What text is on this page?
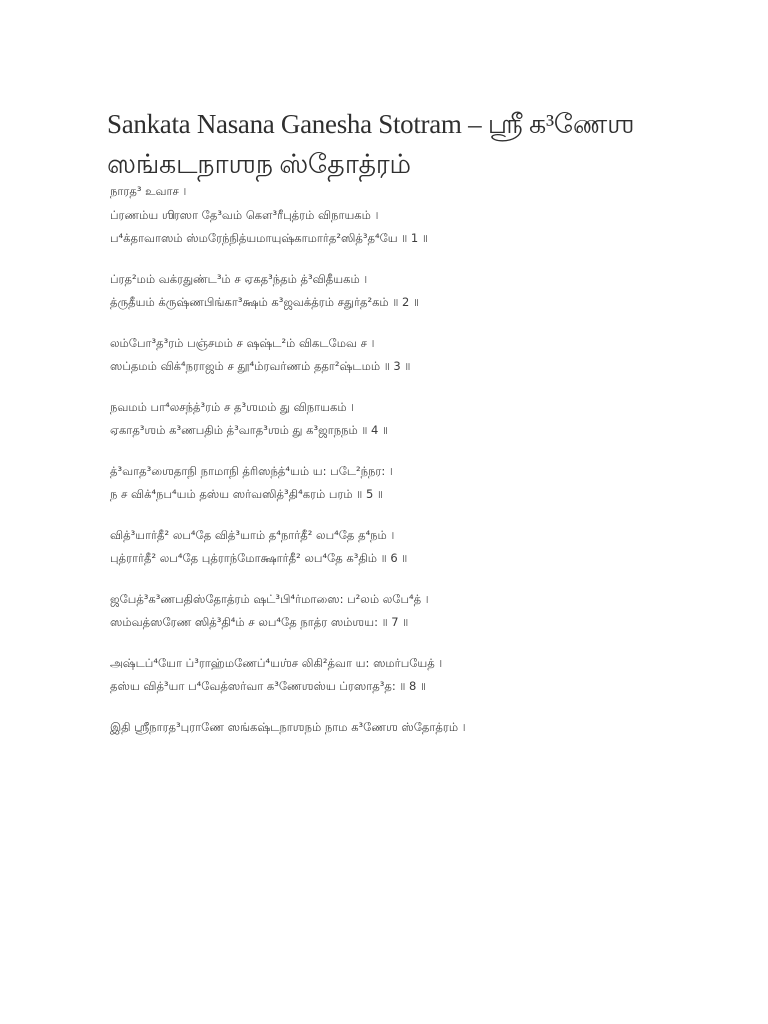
Sankata Nasana Ganesha Stotram – ஶ்ரீ க³ணேஶ
ஸங்கடநாஶந ஸ்தோத்ரம்

நாரத³ உவாச ।
ப்ரணம்ய ஶிரஸா தே³வம் கௌ³ரீபுத்ரம் விநாயகம் ।
ப⁴க்தாவாஸம் ஸ்மரேந்நித்யமாயுஷ்காமார்த²ஸித்³த⁴யே ॥ 1 ॥

ப்ரத²மம் வக்ரதுண்ட³ம் ச ஏகத³ந்தம் த்³விதீயகம் ।
த்ருதீயம் க்ருஷ்ணபிங்கா³க்ஷம் க³ஜவக்த்ரம் சதுர்த²கம் ॥ 2 ॥

லம்போ³த³ரம் பஞ்சமம் ச ஷஷ்ட²ம் விகடமேவ ச ।
ஸப்தமம் விக்⁴நராஜம் ச தூ⁴ம்ரவர்ணம் ததா²ஷ்டமம் ॥ 3 ॥

நவமம் பா⁴லசந்த்³ரம் ச த³ஶமம் து விநாயகம் ।
ஏகாத³ஶம் க³ணபதிம் த்³வாத³ஶம் து க³ஜாநநம் ॥ 4 ॥

த்³வாத³ஶைதாநி நாமாநி த்ரிஸந்த்⁴யம் ய: படே²ந்நர: ।
ந ச விக்⁴நப⁴யம் தஸ்ய ஸர்வஸித்³தி⁴கரம் பரம் ॥ 5 ॥

வித்³யார்தீ² லப⁴தே வித்³யாம் த⁴நார்தீ² லப⁴தே த⁴நம் ।
புத்ரார்தீ² லப⁴தே புத்ராந்மோக்ஷார்தீ² லப⁴தே க³திம் ॥ 6 ॥

ஜபேத்³க³ணபதிஸ்தோத்ரம் ஷட்³பி⁴ர்மாஸை: ப²லம் லபே⁴த் ।
ஸம்வத்ஸரேண ஸித்³தி⁴ம் ச லப⁴தே நாத்ர ஸம்ஶய: ॥ 7 ॥

அஷ்டப்⁴யோ ப்³ராஹ்மணேப்⁴யஶ்ச லிகி²த்வா ய: ஸமர்பயேத் ।
தஸ்ய வித்³யா ப⁴வேத்ஸர்வா க³ணேஶஸ்ய ப்ரஸாத³த: ॥ 8 ॥

இதி ஶ்ரீநாரத³புராணே ஸங்கஷ்டநாஶநம் நாம க³ணேஶ ஸ்தோத்ரம் ।
